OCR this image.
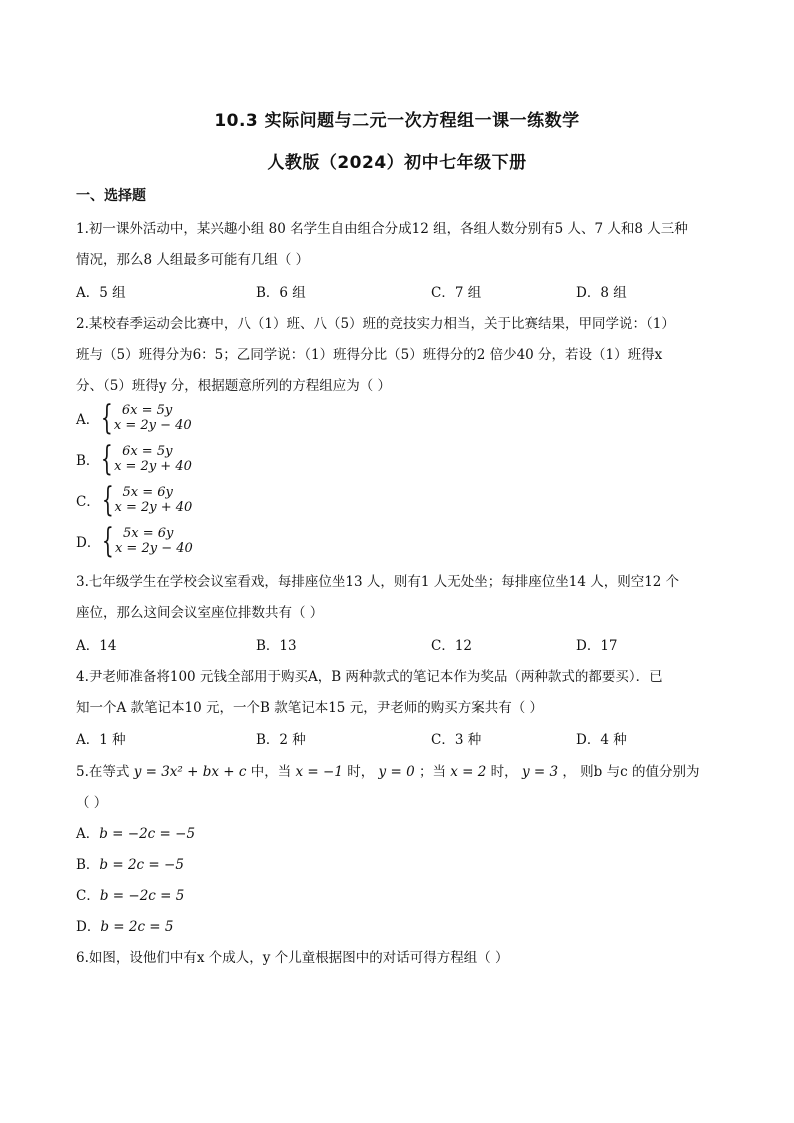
10.3 实际问题与二元一次方程组一课一练数学
人教版（2024）初中七年级下册
一、选择题
1.初一课外活动中，某兴趣小组 80 名学生自由组合分成12 组，各组人数分别有5 人、7 人和8 人三种
情况，那么8 人组最多可能有几组（ ）
A．5 组	B．6 组	C．7 组	D．8 组
2.某校春季运动会比赛中，八（1）班、八（5）班的竞技实力相当，关于比赛结果，甲同学说：（1）
班与（5）班得分为6：5；乙同学说：（1）班得分比（5）班得分的2 倍少40 分，若设（1）班得x
分、（5）班得y 分，根据题意所列的方程组应为（ ）
A． { 6x = 5y
x = 2y − 40
B． { 6x = 5y
x = 2y + 40
C． { 5x = 6y
x = 2y + 40
D． { 5x = 6y
x = 2y − 40
3.七年级学生在学校会议室看戏，每排座位坐13 人，则有1 人无处坐；每排座位坐14 人，则空12 个
座位，那么这间会议室座位排数共有（ ）
A．14	B．13	C．12	D．17
4.尹老师准备将100 元钱全部用于购买A，B 两种款式的笔记本作为奖品（两种款式的都要买）．已
知一个A 款笔记本10 元，一个B 款笔记本15 元，尹老师的购买方案共有（ ）
A．1 种	B．2 种	C．3 种	D．4 种
5.在等式 y = 3x² + bx + c 中，当 x = −1 时， y = 0 ；当 x = 2 时， y = 3 ， 则b 与c 的值分别为
（ ）
A．b = −2c = −5
B．b = 2c = −5
C．b = −2c = 5
D．b = 2c = 5
6.如图，设他们中有x 个成人，y 个儿童根据图中的对话可得方程组（ ）
